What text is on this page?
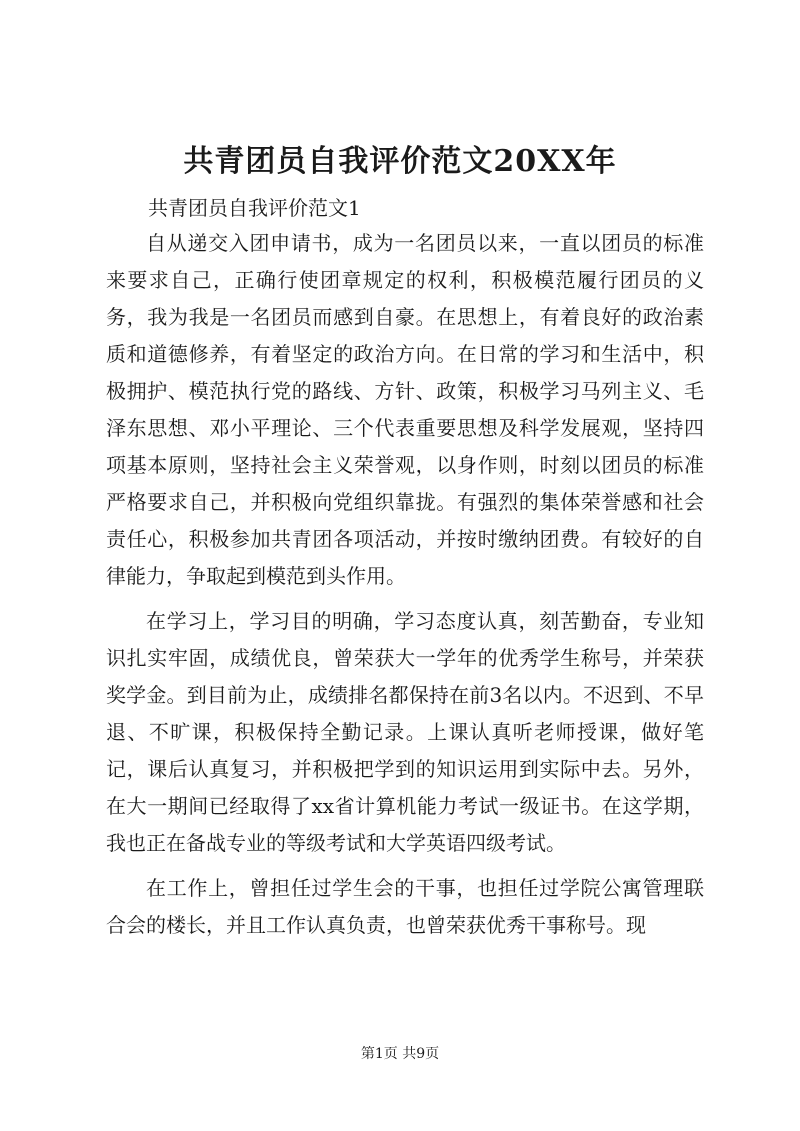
共青团员自我评价范文20XX年
共青团员自我评价范文1

自从递交入团申请书，成为一名团员以来，一直以团员的标准来要求自己，正确行使团章规定的权利，积极模范履行团员的义务，我为我是一名团员而感到自豪。在思想上，有着良好的政治素质和道德修养，有着坚定的政治方向。在日常的学习和生活中，积极拥护、模范执行党的路线、方针、政策，积极学习马列主义、毛泽东思想、邓小平理论、三个代表重要思想及科学发展观，坚持四项基本原则，坚持社会主义荣誉观，以身作则，时刻以团员的标准严格要求自己，并积极向党组织靠拢。有强烈的集体荣誉感和社会责任心，积极参加共青团各项活动，并按时缴纳团费。有较好的自律能力，争取起到模范到头作用。

在学习上，学习目的明确，学习态度认真，刻苦勤奋，专业知识扎实牢固，成绩优良，曾荣获大一学年的优秀学生称号，并荣获奖学金。到目前为止，成绩排名都保持在前3名以内。不迟到、不早退、不旷课，积极保持全勤记录。上课认真听老师授课，做好笔记，课后认真复习，并积极把学到的知识运用到实际中去。另外，在大一期间已经取得了xx省计算机能力考试一级证书。在这学期，我也正在备战专业的等级考试和大学英语四级考试。

在工作上，曾担任过学生会的干事，也担任过学院公寓管理联合会的楼长，并且工作认真负责，也曾荣获优秀干事称号。现

第1页 共9页
